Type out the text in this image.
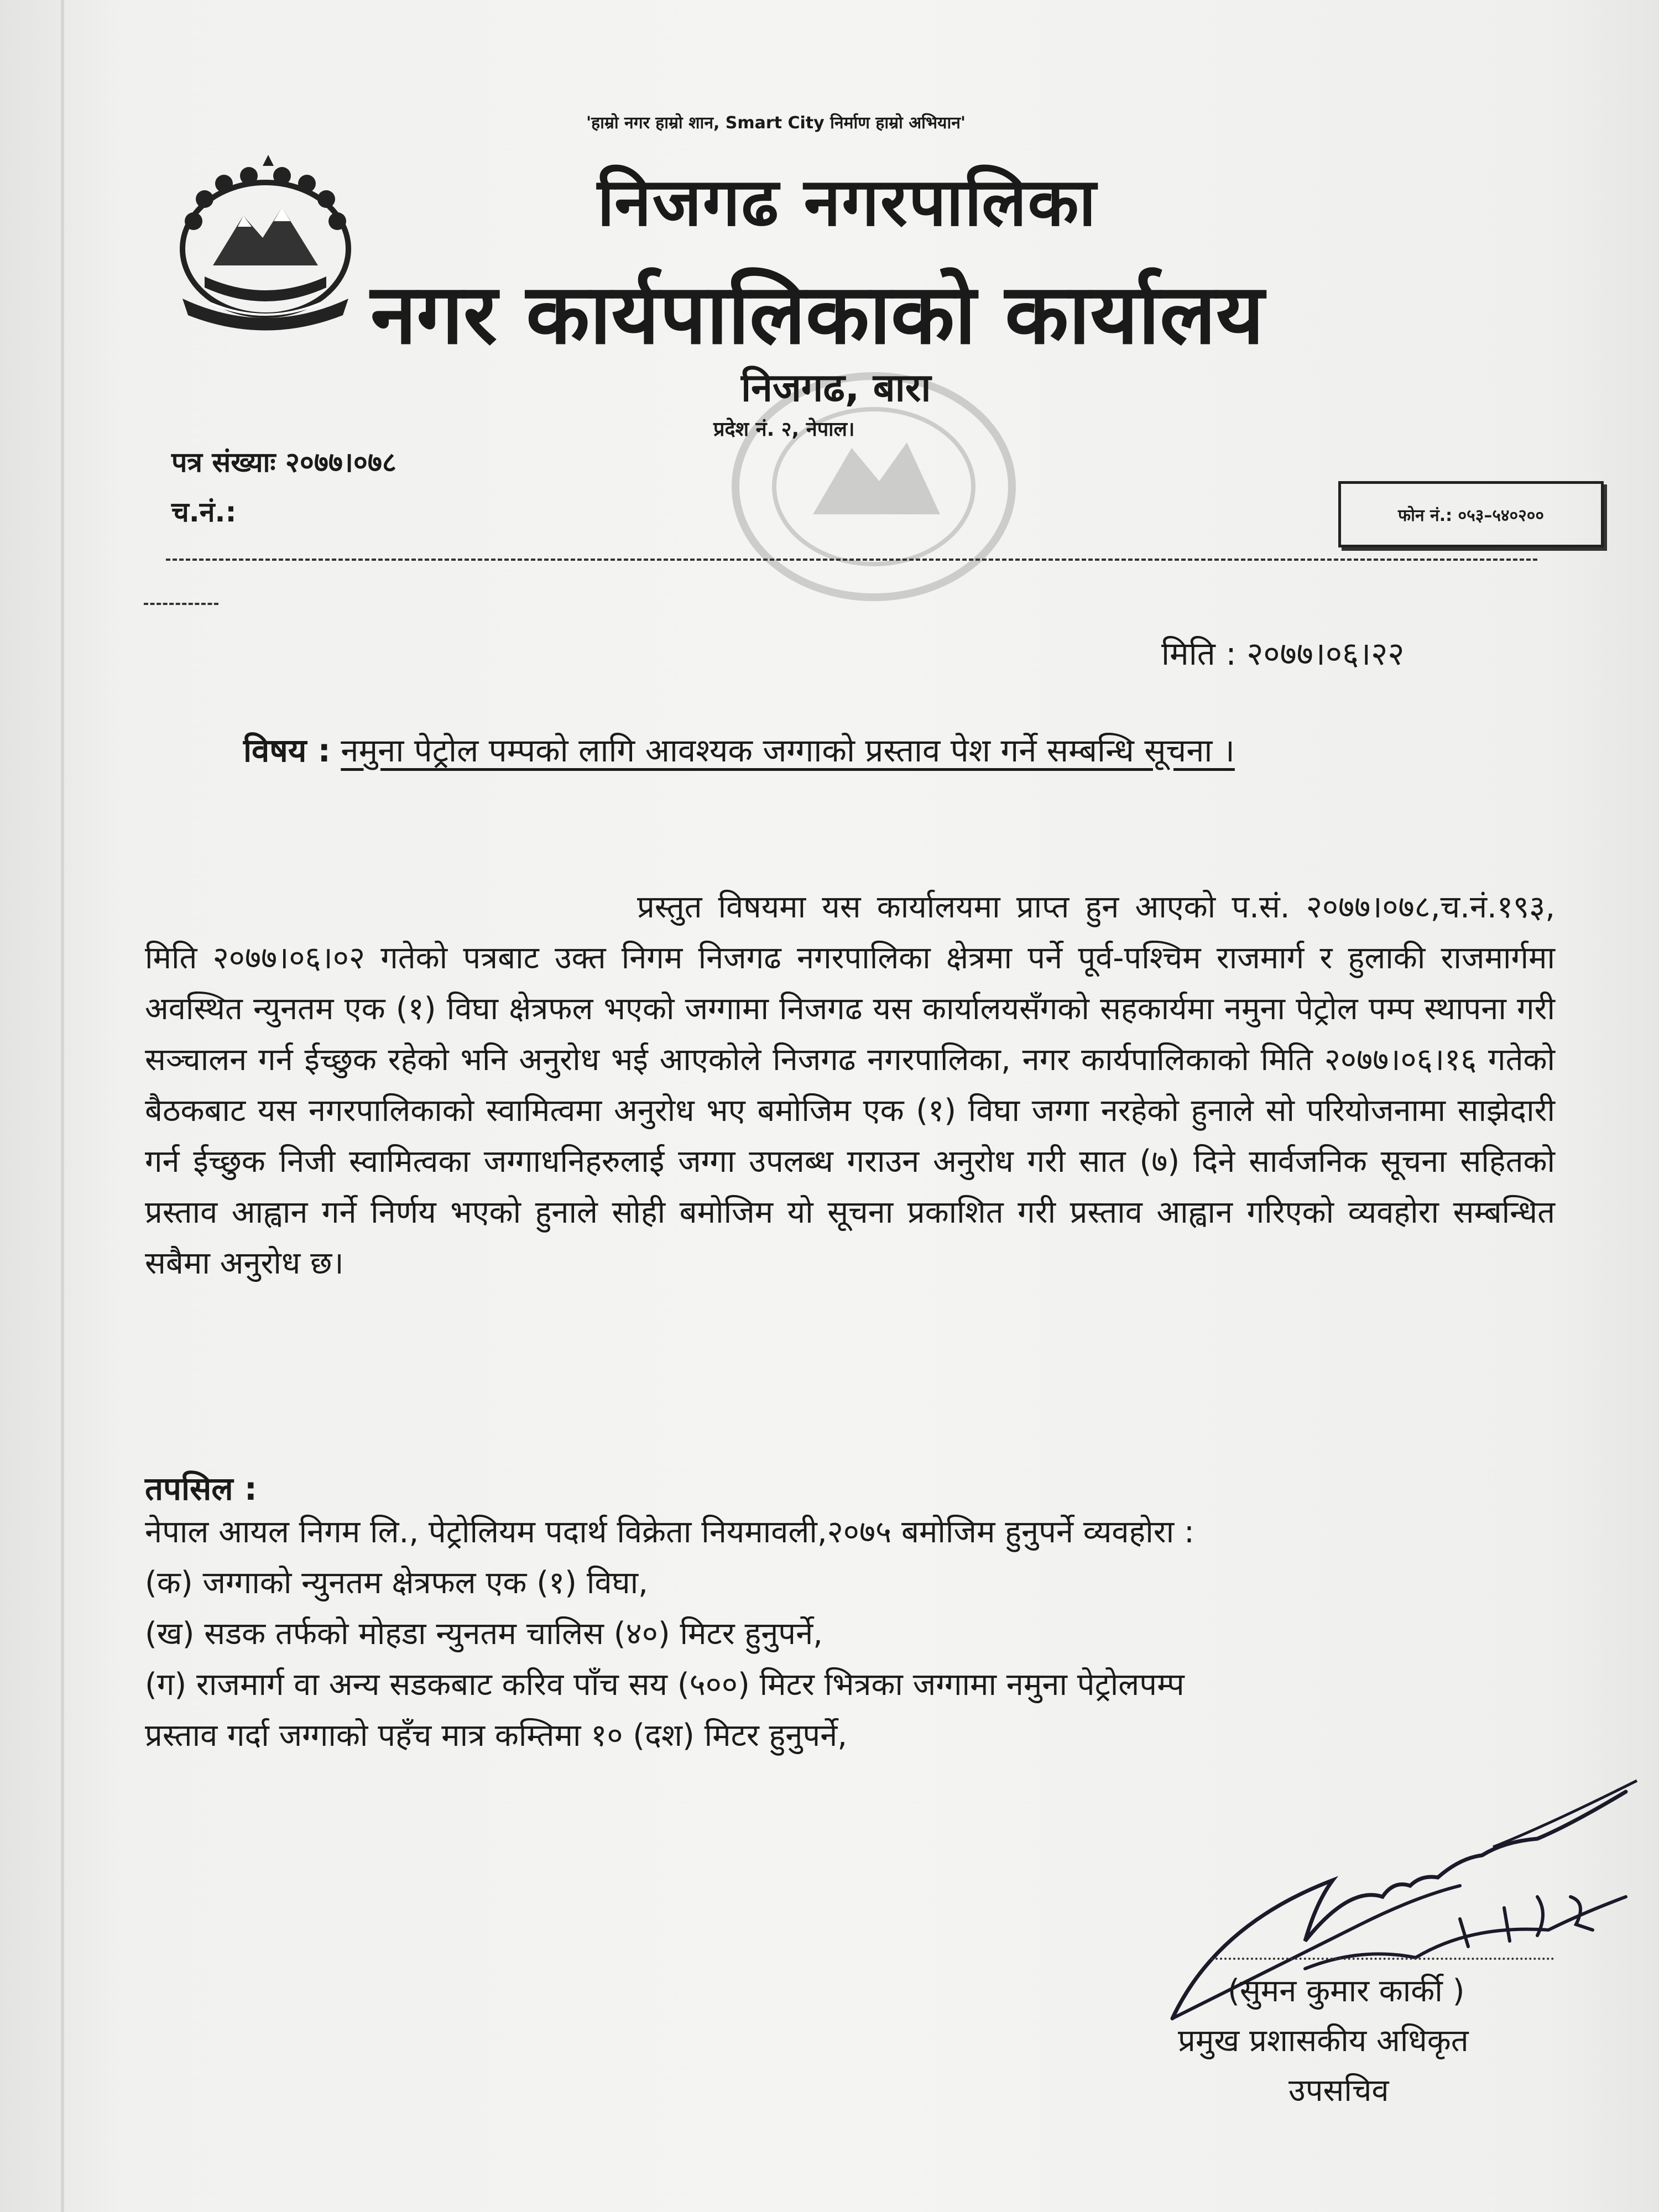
'हाम्रो नगर हाम्रो शान, Smart City निर्माण हाम्रो अभियान'
निजगढ नगरपालिका
नगर कार्यपालिकाको कार्यालय
निजगढ, बारा
प्रदेश नं. २, नेपाल।
पत्र संख्याः २०७७।०७८
च.नं.:	फोन नं.: ०५३–५४०२००
मिति : २०७७।०६।२२
विषय : नमुना पेट्रोल पम्पको लागि आवश्यक जग्गाको प्रस्ताव पेश गर्ने सम्बन्धि सूचना ।
प्रस्तुत विषयमा यस कार्यालयमा प्राप्त हुन आएको प.सं. २०७७।०७८,च.नं.१९३, मिति २०७७।०६।०२ गतेको पत्रबाट उक्त निगम निजगढ नगरपालिका क्षेत्रमा पर्ने पूर्व-पश्चिम राजमार्ग र हुलाकी राजमार्गमा अवस्थित न्युनतम एक (१) विघा क्षेत्रफल भएको जग्गामा निजगढ यस कार्यालयसँगको सहकार्यमा नमुना पेट्रोल पम्प स्थापना गरी सञ्चालन गर्न ईच्छुक रहेको भनि अनुरोध भई आएकोले निजगढ नगरपालिका, नगर कार्यपालिकाको मिति २०७७।०६।१६ गतेको बैठकबाट यस नगरपालिकाको स्वामित्वमा अनुरोध भए बमोजिम एक (१) विघा जग्गा नरहेको हुनाले सो परियोजनामा साझेदारी गर्न ईच्छुक निजी स्वामित्वका जग्गाधनिहरुलाई जग्गा उपलब्ध गराउन अनुरोध गरी सात (७) दिने सार्वजनिक सूचना सहितको प्रस्ताव आह्वान गर्ने निर्णय भएको हुनाले सोही बमोजिम यो सूचना प्रकाशित गरी प्रस्ताव आह्वान गरिएको व्यवहोरा सम्बन्धित सबैमा अनुरोध छ।
तपसिल :
नेपाल आयल निगम लि., पेट्रोलियम पदार्थ विक्रेता नियमावली,२०७५ बमोजिम हुनुपर्ने व्यवहोरा :
(क) जग्गाको न्युनतम क्षेत्रफल एक (१) विघा,
(ख) सडक तर्फको मोहडा न्युनतम चालिस (४०) मिटर हुनुपर्ने,
(ग) राजमार्ग वा अन्य सडकबाट करिव पाँच सय (५००) मिटर भित्रका जग्गामा नमुना पेट्रोलपम्प
प्रस्ताव गर्दा जग्गाको पहँच मात्र कम्तिमा १० (दश) मिटर हुनुपर्ने,
(सुमन कुमार कार्की )
प्रमुख प्रशासकीय अधिकृत
उपसचिव
